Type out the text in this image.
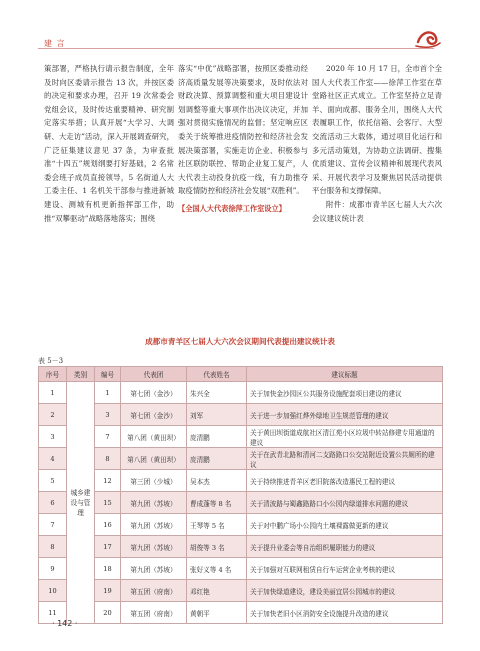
建 言

策部署，严格执行请示报告制度，全年及时向区委请示报告 13 次，并按区委的决定和要求办理，召开 19 次常委会党组会议，及时传达重要精神、研究制定落实举措；认真开展“大学习、大调研、大走访”活动，深入开展调查研究，广泛征集建议意见 37 条，为审查批准“十四五”规划纲要打好基础，2 名常委会班子成员直接领导，5 名街道人大工委主任、1 名机关干部参与推进新城建设、测城有机更新指挥部工作，助推“双攀驱动”战略落地落实；围绕

落实“中优”战略部署，按照区委推动经济高质量发展等决策要求，及时依法对财政决算、预算调整和重大项目建设计划调整等重大事项作出决议决定，并加强对贯彻实施情况的监督；坚定响应区委关于统筹推进疫情防控和经济社会发展决策部署，实施走访企业、积极参与社区联防联控、帮助企业复工复产，人大代表主动投身抗疫一线，有力助推夺取疫情防控和经济社会发展“双胜利”。

【全国人大代表徐萍工作室设立】

2020 年 10 月 17 日，全市首个全国人大代表工作室——徐萍工作室在草堂路社区正式成立。工作室坚持立足青羊、面向成都、服务全川，围绕人大代表履职工作，依托信箱、会客厅、大型交流活动三大载体，通过项目化运行和多元活动策划，为协助立法调研、搜集优质建议、宣传会议精神和展现代表风采、开展代表学习及聚焦居民活动提供平台服务和支撑保障。

附件：成都市青羊区七届人大六次会议建议统计表

成都市青羊区七届人大六次会议期间代表提出建议统计表
表 5－3
序号	类别	编号	代表团	代表姓名	建议标题
1	城乡建设与管理	1	第七团（金沙）	朱兴全	关于加快金沙园区公共服务设施配套项目建设的建议
2		3	第七团（金沙）	刘军	关于进一步加强红烨外绿地卫生规范管理的建议
3		7	第八团（黄田坝）	庞清鹏	关于黄田坝街道成航社区清江苑小区垃圾中转站修建专用通道的建议
4		8	第八团（黄田坝）	庞清鹏	关于在武青北路和清河二支路路口公交站附近设置公共厕所的建议
5		12	第三团（少城）	吴本杰	关于持续推进青羊区老旧院落改造惠民工程的建议
6		15	第九团（苏坡）	曹成蓬等 8 名	关于清波路与蜀鑫路路口小公园内绿道排水问题的建议
7		16	第九团（苏坡）	王琴等 5 名	关于对中鹏广场小公园内土壤裸露做更新的建议
8		17	第九团（苏坡）	胡俊等 3 名	关于提升业委会等自治组织履职能力的建议
9		18	第九团（苏坡）	张好义等 4 名	关于加强对互联网租赁自行车运营企业考核的建议
10		19	第五团（府南）	邓红艳	关于加快绿道建设，建设美丽宜居公园城市的建议
11		20	第五团（府南）	黄朝平	关于加快老旧小区消防安全设施提升改造的建议
· 142 ·
